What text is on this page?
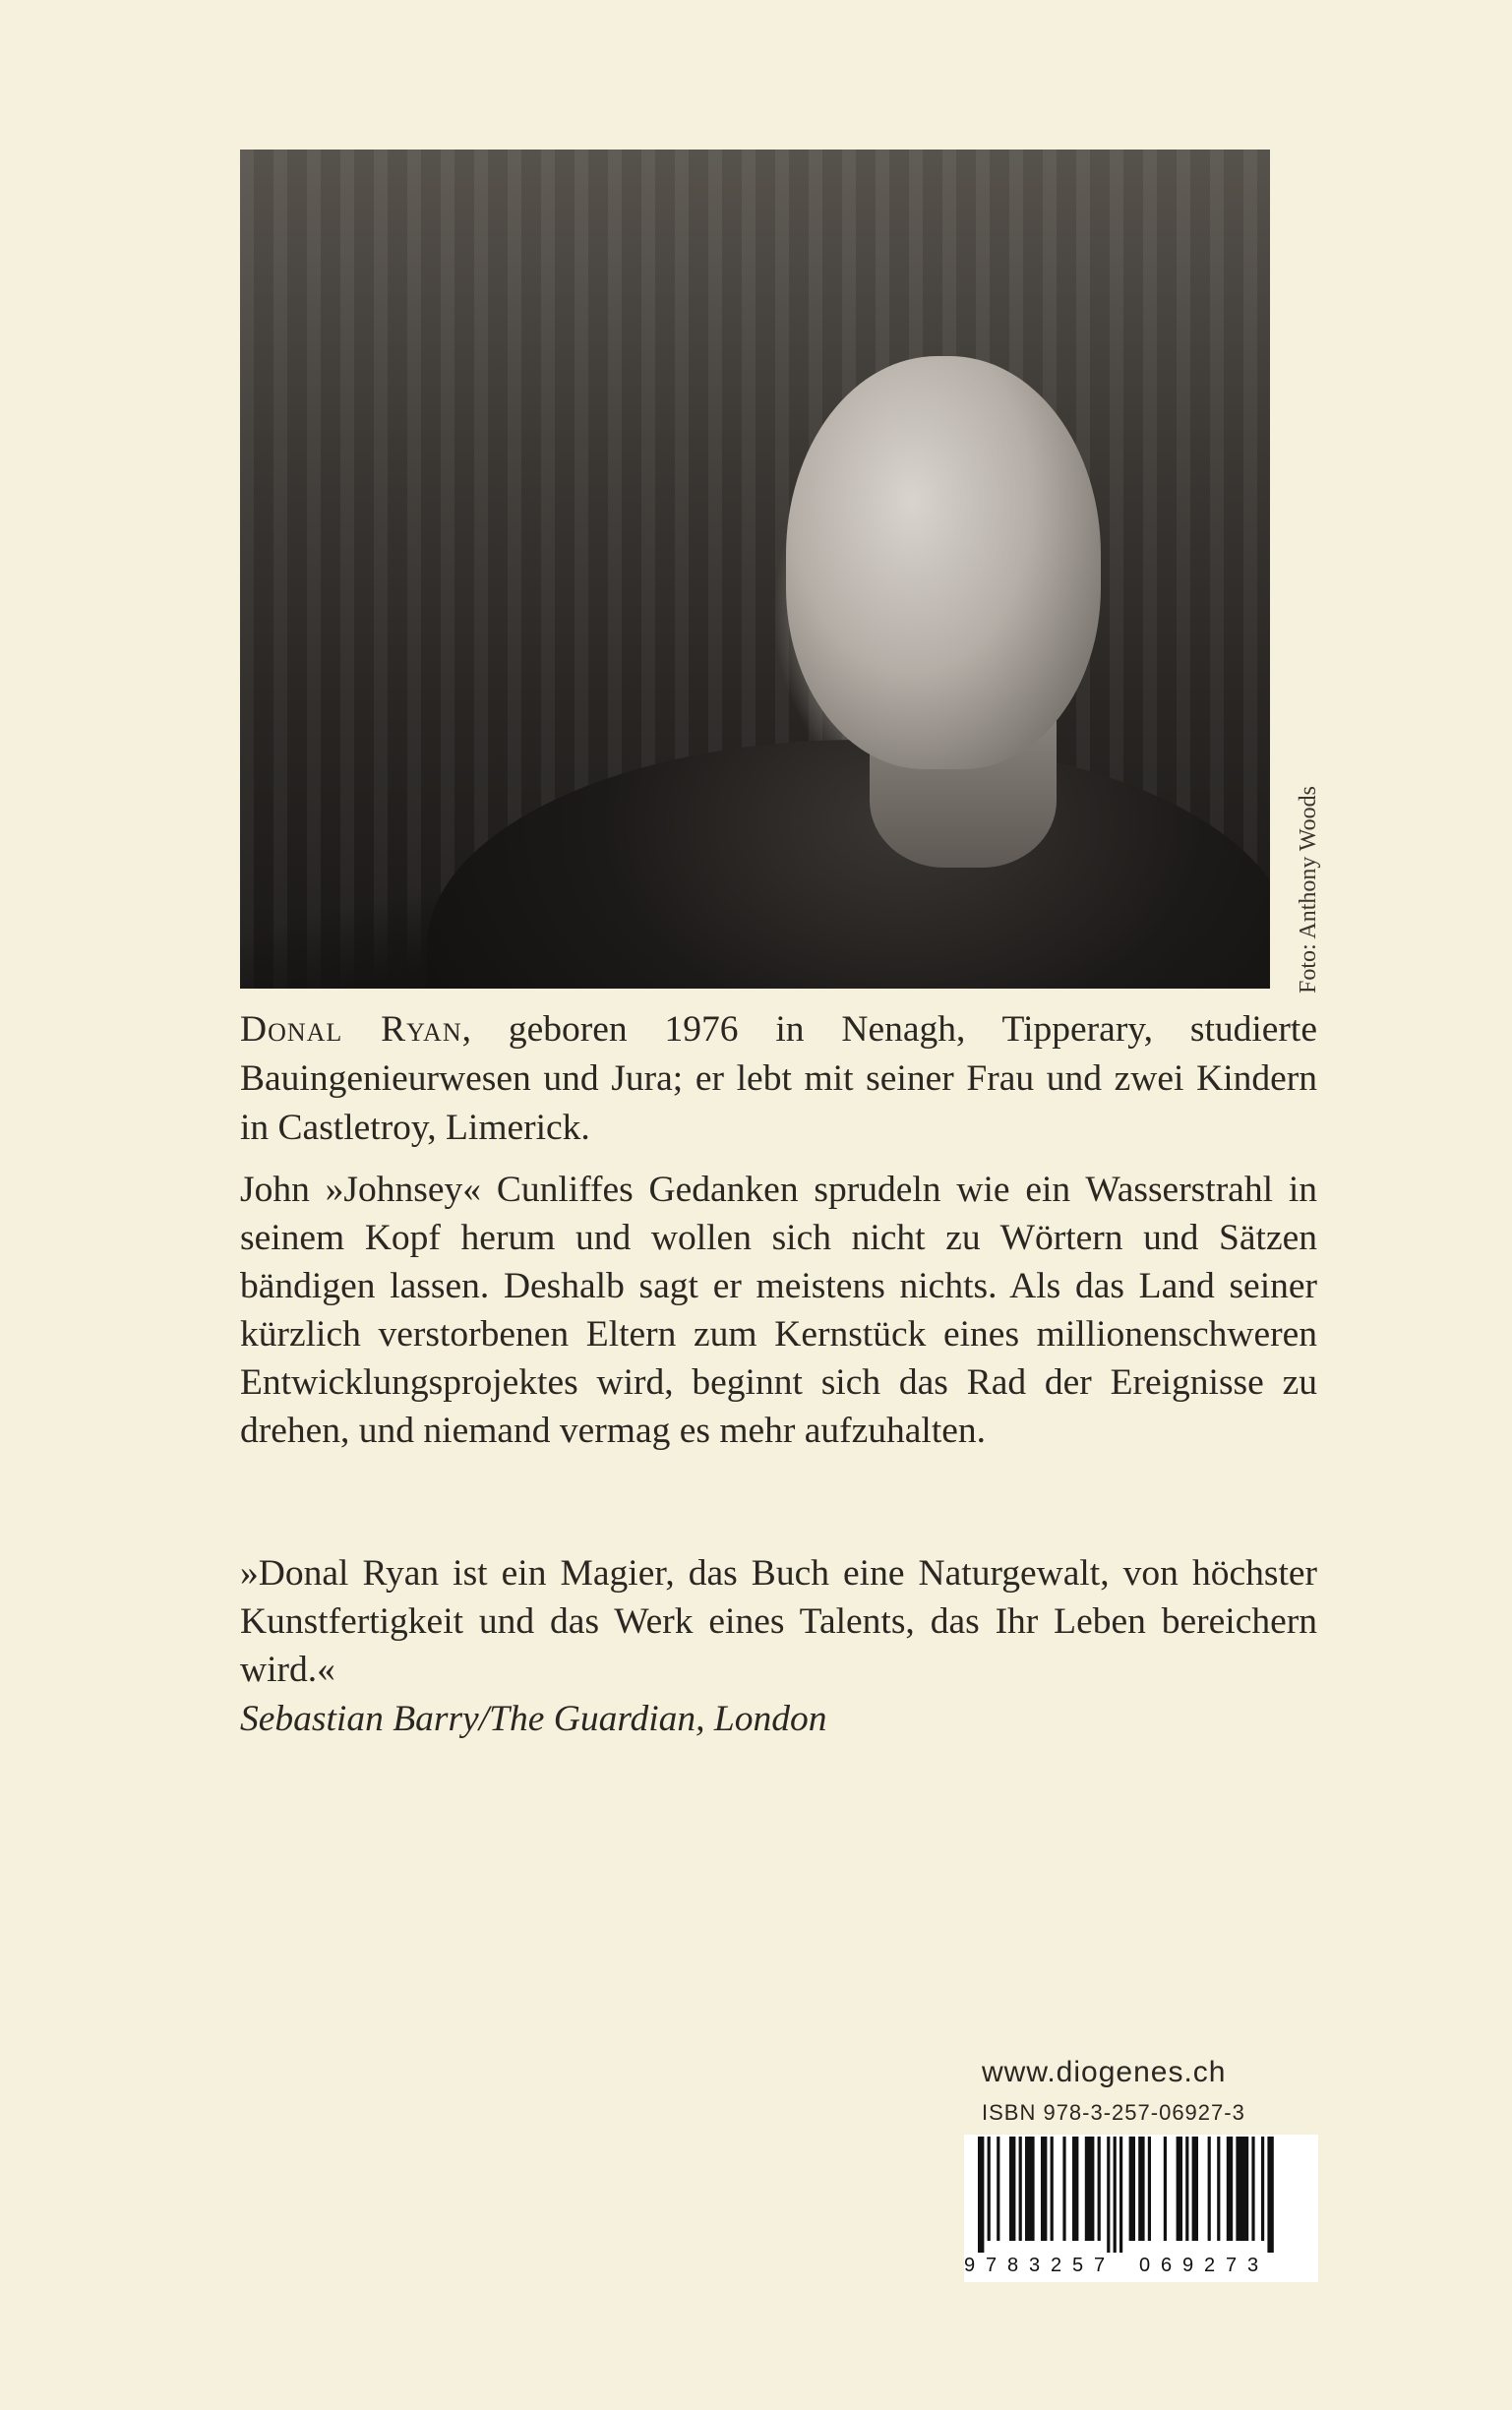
Foto: Anthony Woods

Donal Ryan, geboren 1976 in Nenagh, Tipperary, studierte Bauingenieurwesen und Jura; er lebt mit seiner Frau und zwei Kindern in Castletroy, Limerick.

John »Johnsey« Cunliffes Gedanken sprudeln wie ein Wasserstrahl in seinem Kopf herum und wollen sich nicht zu Wörtern und Sätzen bändigen lassen. Deshalb sagt er meistens nichts. Als das Land seiner kürzlich verstorbenen Eltern zum Kernstück eines millionenschweren Entwicklungsprojektes wird, beginnt sich das Rad der Ereignisse zu drehen, und niemand vermag es mehr aufzuhalten.

»Donal Ryan ist ein Magier, das Buch eine Naturgewalt, von höchster Kunstfertigkeit und das Werk eines Talents, das Ihr Leben bereichern wird.«

Sebastian Barry/The Guardian, London
www.diogenes.ch
ISBN 978-3-257-06927-3
9 7 8 3 2 5 7 0 6 9 2 7 3
